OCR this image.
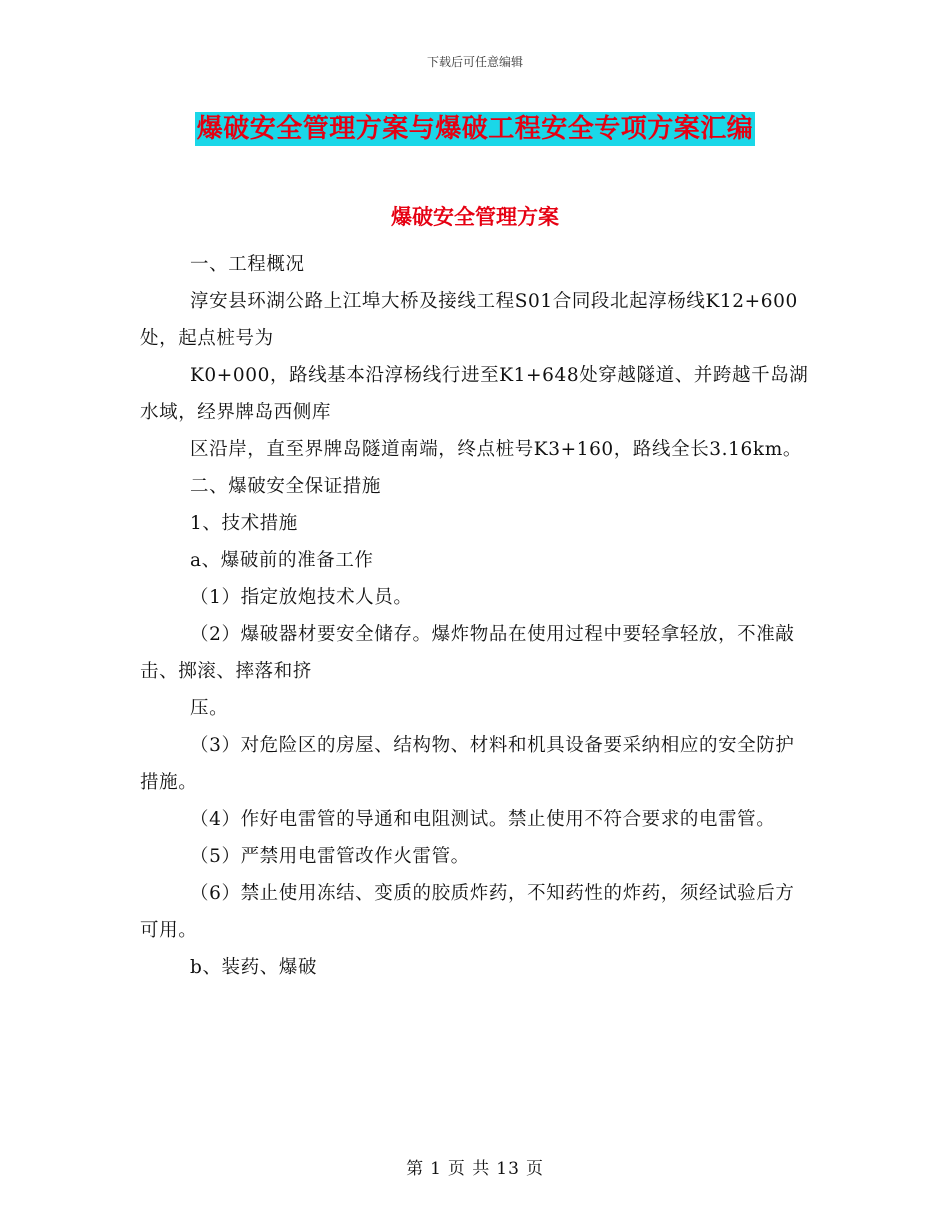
下载后可任意编辑
爆破安全管理方案与爆破工程安全专项方案汇编
爆破安全管理方案

一、工程概况

淳安县环湖公路上江埠大桥及接线工程S01合同段北起淳杨线K12+600处，起点桩号为

K0+000，路线基本沿淳杨线行进至K1+648处穿越隧道、并跨越千岛湖水域，经界牌岛西侧库

区沿岸，直至界牌岛隧道南端，终点桩号K3+160，路线全长3.16km。

二、爆破安全保证措施

1、技术措施

a、爆破前的准备工作

（1）指定放炮技术人员。

（2）爆破器材要安全储存。爆炸物品在使用过程中要轻拿轻放，不准敲击、掷滚、摔落和挤

压。

（3）对危险区的房屋、结构物、材料和机具设备要采纳相应的安全防护措施。

（4）作好电雷管的导通和电阻测试。禁止使用不符合要求的电雷管。

（5）严禁用电雷管改作火雷管。

（6）禁止使用冻结、变质的胶质炸药，不知药性的炸药，须经试验后方可用。

b、装药、爆破

第 1 页 共 13 页
